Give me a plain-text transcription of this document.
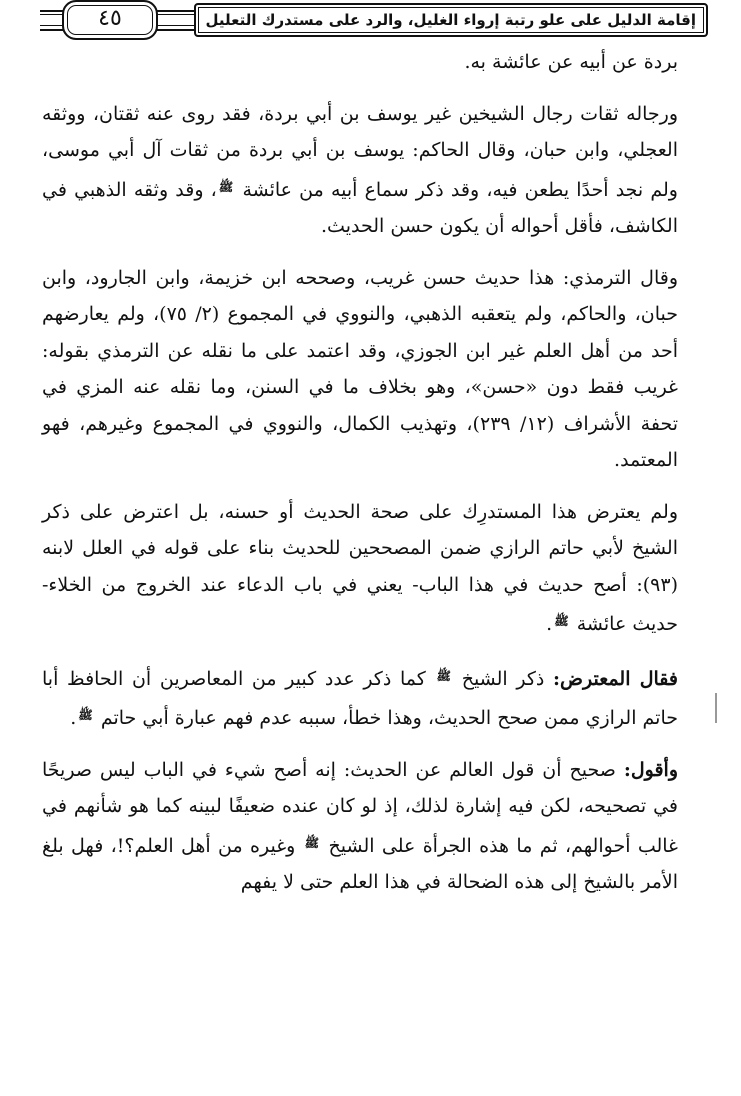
إقامة الدليل على علو رتبة إرواء الغليل، والرد على مستدرك التعليل
٤٥

بردة عن أبيه عن عائشة به.

ورجاله ثقات رجال الشيخين غير يوسف بن أبي بردة، فقد روى عنه ثقتان، ووثقه العجلي، وابن حبان، وقال الحاكم: يوسف بن أبي بردة من ثقات آل أبي موسى، ولم نجد أحدًا يطعن فيه، وقد ذكر سماع أبيه من عائشة ﷺ، وقد وثقه الذهبي في الكاشف، فأقل أحواله أن يكون حسن الحديث.

وقال الترمذي: هذا حديث حسن غريب، وصححه ابن خزيمة، وابن الجارود، وابن حبان، والحاكم، ولم يتعقبه الذهبي، والنووي في المجموع (٢/ ٧٥)، ولم يعارضهم أحد من أهل العلم غير ابن الجوزي، وقد اعتمد على ما نقله عن الترمذي بقوله: غريب فقط دون «حسن»، وهو بخلاف ما في السنن، وما نقله عنه المزي في تحفة الأشراف (١٢/ ٢٣٩)، وتهذيب الكمال، والنووي في المجموع وغيرهم، فهو المعتمد.

ولم يعترض هذا المستدرِك على صحة الحديث أو حسنه، بل اعترض على ذكر الشيخ لأبي حاتم الرازي ضمن المصححين للحديث بناء على قوله في العلل لابنه (٩٣): أصح حديث في هذا الباب- يعني في باب الدعاء عند الخروج من الخلاء- حديث عائشة ﷺ.

فقال المعترض: ذكر الشيخ ﷺ كما ذكر عدد كبير من المعاصرين أن الحافظ أبا حاتم الرازي ممن صحح الحديث، وهذا خطأ، سببه عدم فهم عبارة أبي حاتم ﷺ.

وأقول: صحيح أن قول العالم عن الحديث: إنه أصح شيء في الباب ليس صريحًا في تصحيحه، لكن فيه إشارة لذلك، إذ لو كان عنده ضعيفًا لبينه كما هو شأنهم في غالب أحوالهم، ثم ما هذه الجرأة على الشيخ ﷺ وغيره من أهل العلم؟!، فهل بلغ الأمر بالشيخ إلى هذه الضحالة في هذا العلم حتى لا يفهم
